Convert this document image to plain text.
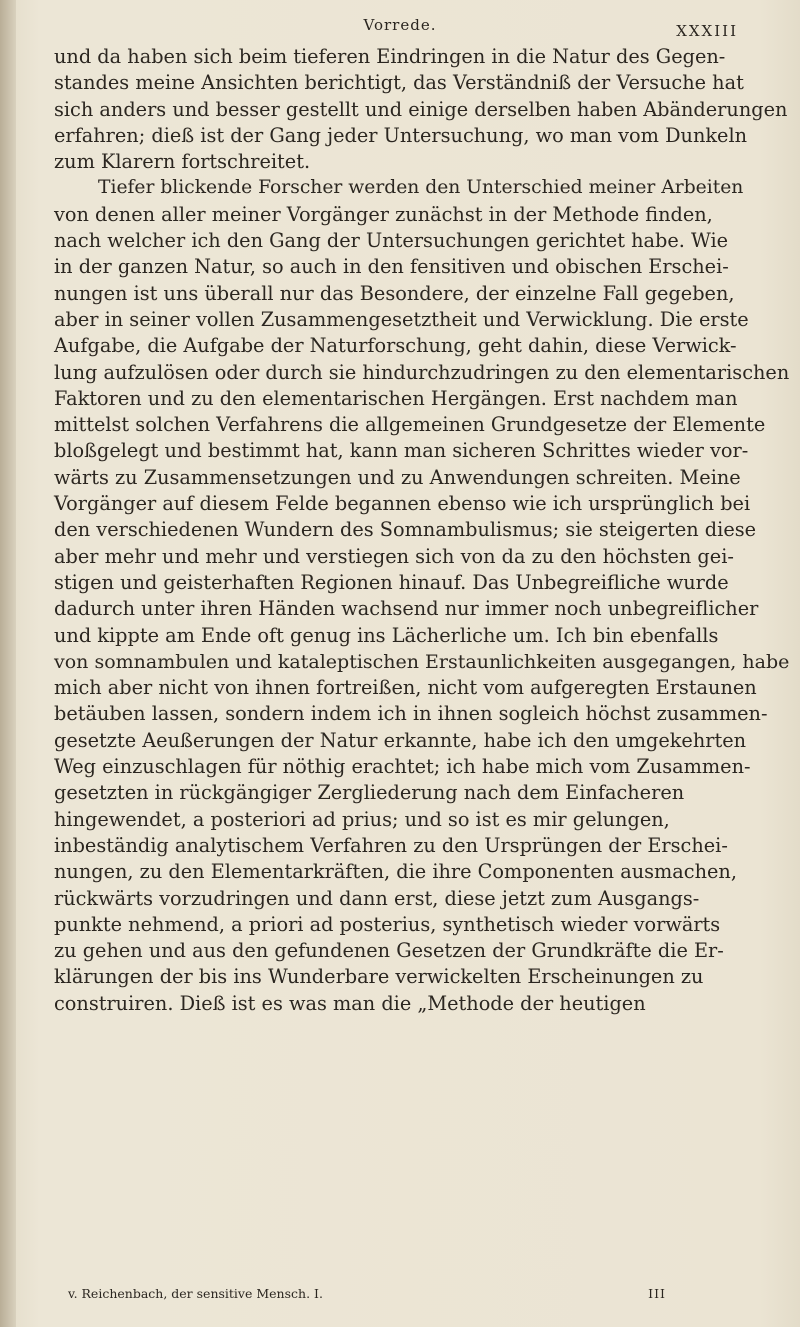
Vorrede.	XXXIII
und da haben sich beim tieferen Eindringen in die Natur des Gegen-
standes meine Ansichten berichtigt, das Verständniß der Versuche hat
sich anders und besser gestellt und einige derselben haben Abänderungen
erfahren; dieß ist der Gang jeder Untersuchung, wo man vom Dunkeln
zum Klarern fortschreitet.
Tiefer blickende Forscher werden den Unterschied meiner Arbeiten
von denen aller meiner Vorgänger zunächst in der Methode finden,
nach welcher ich den Gang der Untersuchungen gerichtet habe. Wie
in der ganzen Natur, so auch in den fensitiven und obischen Erschei-
nungen ist uns überall nur das Besondere, der einzelne Fall gegeben,
aber in seiner vollen Zusammengesetztheit und Verwicklung. Die erste
Aufgabe, die Aufgabe der Naturforschung, geht dahin, diese Verwick-
lung aufzulösen oder durch sie hindurchzudringen zu den elementarischen
Faktoren und zu den elementarischen Hergängen. Erst nachdem man
mittelst solchen Verfahrens die allgemeinen Grundgesetze der Elemente
bloßgelegt und bestimmt hat, kann man sicheren Schrittes wieder vor-
wärts zu Zusammensetzungen und zu Anwendungen schreiten. Meine
Vorgänger auf diesem Felde begannen ebenso wie ich ursprünglich bei
den verschiedenen Wundern des Somnambulismus; sie steigerten diese
aber mehr und mehr und verstiegen sich von da zu den höchsten gei-
stigen und geisterhaften Regionen hinauf. Das Unbegreifliche wurde
dadurch unter ihren Händen wachsend nur immer noch unbegreiflicher
und kippte am Ende oft genug ins Lächerliche um. Ich bin ebenfalls
von somnambulen und kataleptischen Erstaunlichkeiten ausgegangen, habe
mich aber nicht von ihnen fortreißen, nicht vom aufgeregten Erstaunen
betäuben lassen, sondern indem ich in ihnen sogleich höchst zusammen-
gesetzte Aeußerungen der Natur erkannte, habe ich den umgekehrten
Weg einzuschlagen für nöthig erachtet; ich habe mich vom Zusammen-
gesetzten in rückgängiger Zergliederung nach dem Einfacheren
hingewendet, a posteriori ad prius; und so ist es mir gelungen,
inbeständig analytischem Verfahren zu den Ursprüngen der Erschei-
nungen, zu den Elementarkräften, die ihre Componenten ausmachen,
rückwärts vorzudringen und dann erst, diese jetzt zum Ausgangs-
punkte nehmend, a priori ad posterius, synthetisch wieder vorwärts
zu gehen und aus den gefundenen Gesetzen der Grundkräfte die Er-
klärungen der bis ins Wunderbare verwickelten Erscheinungen zu
construiren. Dieß ist es was man die „Methode der heutigen
v. Reichenbach, der sensitive Mensch. I.	III
